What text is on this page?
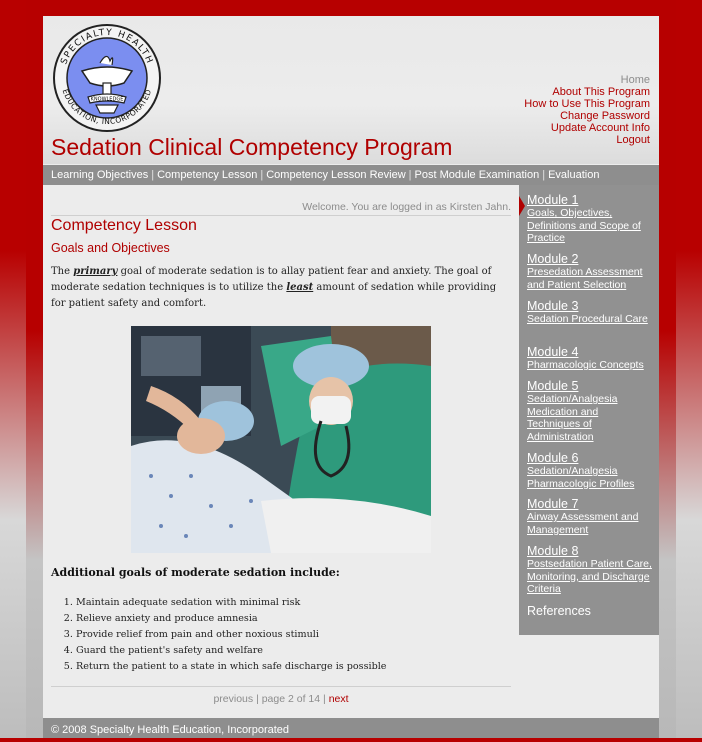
SPECIALTY HEALTH
EDUCATION, INCORPORATED
KNOWLEDGE
Home
About This Program
How to Use This Program
Change Password
Update Account Info
Logout
Sedation Clinical Competency Program
Learning Objectives | Competency Lesson | Competency Lesson Review | Post Module Examination | Evaluation
Welcome. You are logged in as Kirsten Jahn.
Competency Lesson
Goals and Objectives

The primary goal of moderate sedation is to allay patient fear and anxiety. The goal of moderate sedation techniques is to utilize the least amount of sedation while providing for patient safety and comfort.

Additional goals of moderate sedation include:
1. Maintain adequate sedation with minimal risk
2. Relieve anxiety and produce amnesia
3. Provide relief from pain and other noxious stimuli
4. Guard the patient's safety and welfare
5. Return the patient to a state in which safe discharge is possible
previous | page 2 of 14 | next
Module 1
Goals, Objectives, Definitions and Scope of Practice
Module 2
Presedation Assessment and Patient Selection
Module 3
Sedation Procedural Care
Module 4
Pharmacologic Concepts
Module 5
Sedation/Analgesia Medication and Techniques of Administration
Module 6
Sedation/Analgesia Pharmacologic Profiles
Module 7
Airway Assessment and Management
Module 8
Postsedation Patient Care, Monitoring, and Discharge Criteria
References
© 2008 Specialty Health Education, Incorporated
